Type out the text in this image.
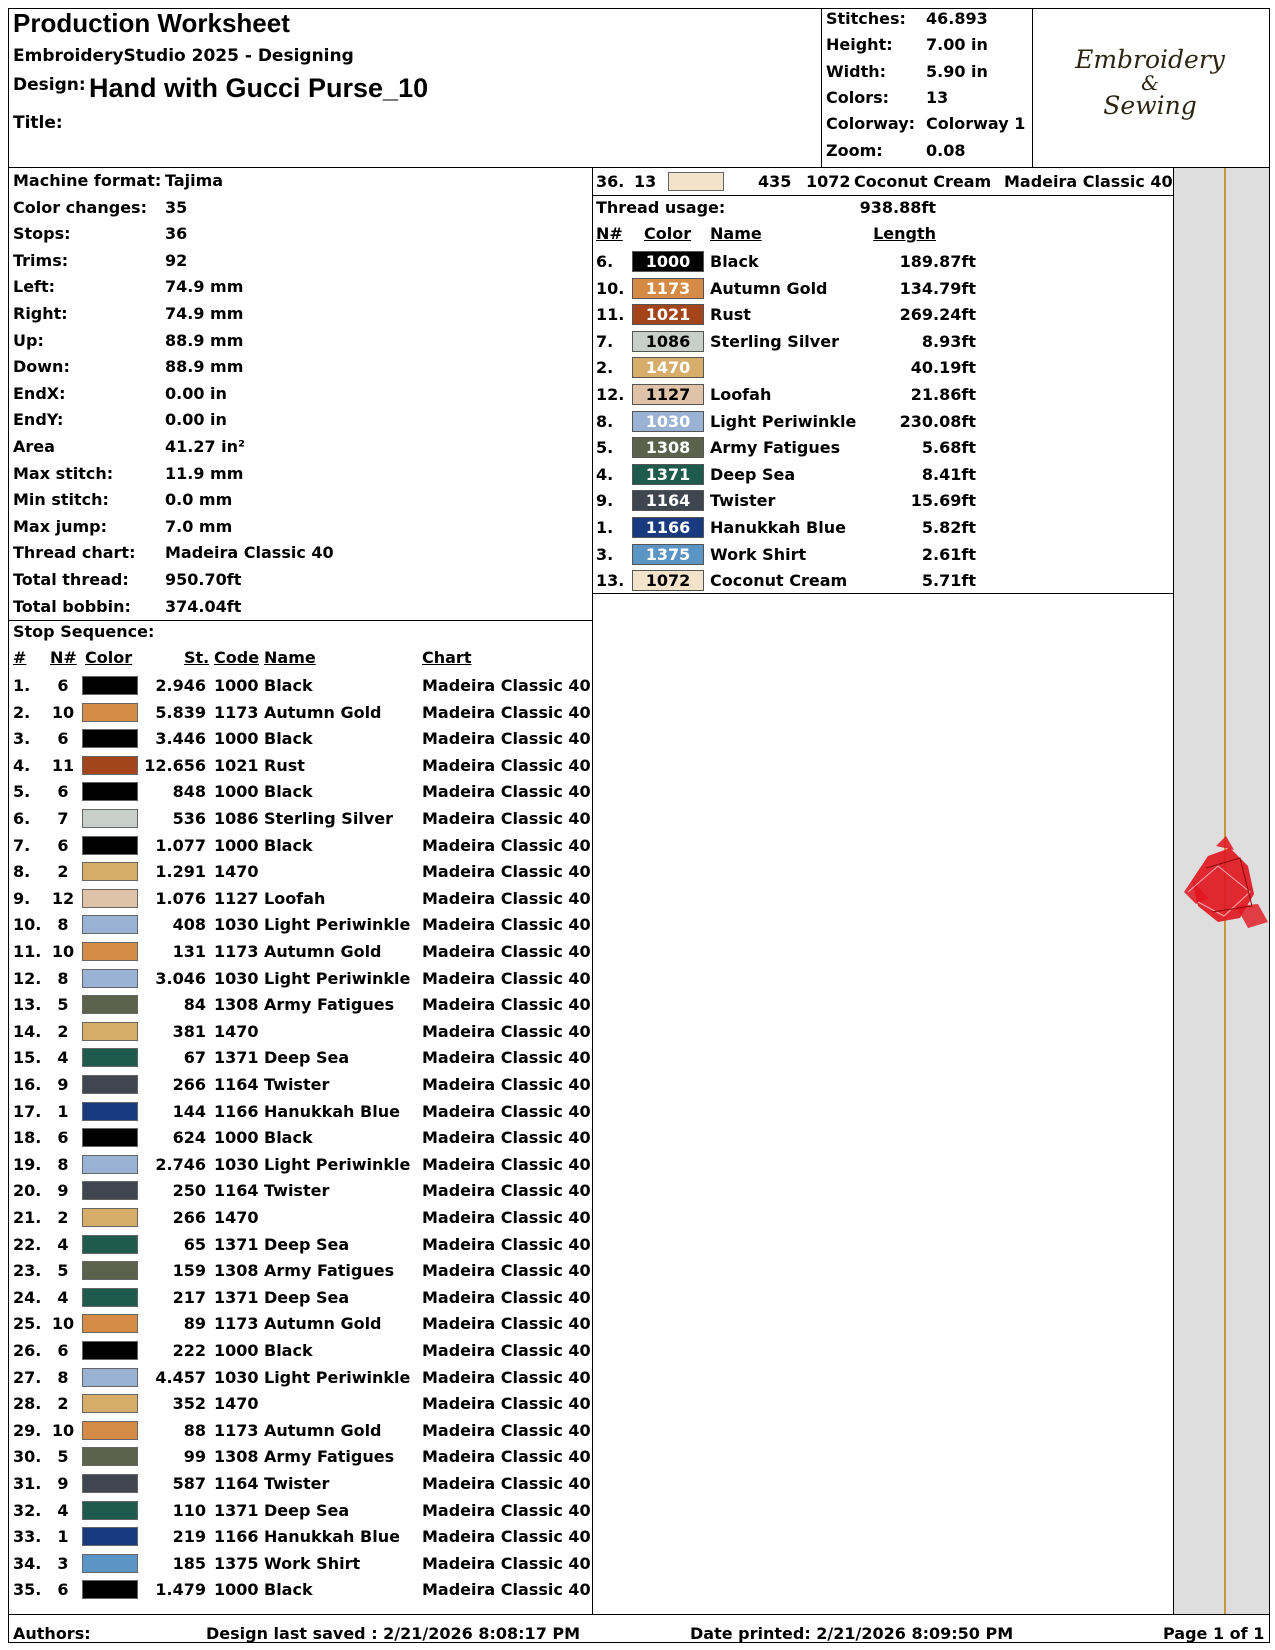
Production Worksheet
EmbroideryStudio 2025 - Designing
Design: Hand with Gucci Purse_10
Title:
Stitches: 46.893
Height: 7.00 in
Width: 5.90 in
Colors: 13
Colorway: Colorway 1
Zoom:	0.08
Embroidery
&
Sewing
Machine format: Tajima
Color changes: 35
Stops:	36
Trims:	92
Left:	74.9 mm
Right:	74.9 mm
Up:	88.9 mm
Down:	88.9 mm
EndX:	0.00 in
EndY:	0.00 in
Area	41.27 in²
Max stitch:	11.9 mm
Min stitch:	0.0 mm
Max jump:	7.0 mm
Thread chart: Madeira Classic 40
Total thread: 950.70ft
Total bobbin: 374.04ft
Stop Sequence:
# N# Color	St. Code Name	Chart
1.	6	2.946 1000 Black	Madeira Classic 40
2. 10	5.839 1173 Autumn Gold	Madeira Classic 40
3.	6	3.446 1000 Black	Madeira Classic 40
4. 11	12.656 1021 Rust	Madeira Classic 40
5.	6	848 1000 Black	Madeira Classic 40
6.	7	536 1086 Sterling Silver Madeira Classic 40
7.	6	1.077 1000 Black	Madeira Classic 40
8.	2	1.291 1470	Madeira Classic 40
9. 12	1.076 1127 Loofah	Madeira Classic 40
10.	8	408 1030 Light Periwinkle Madeira Classic 40
11. 10	131 1173 Autumn Gold	Madeira Classic 40
12.	8	3.046 1030 Light Periwinkle Madeira Classic 40
13.	5	84 1308 Army Fatigues Madeira Classic 40
14.	2	381 1470	Madeira Classic 40
15.	4	67 1371 Deep Sea	Madeira Classic 40
16.	9	266 1164 Twister	Madeira Classic 40
17.	1	144 1166 Hanukkah Blue Madeira Classic 40
18.	6	624 1000 Black	Madeira Classic 40
19.	8	2.746 1030 Light Periwinkle Madeira Classic 40
20.	9	250 1164 Twister	Madeira Classic 40
21.	2	266 1470	Madeira Classic 40
22.	4	65 1371 Deep Sea	Madeira Classic 40
23.	5	159 1308 Army Fatigues Madeira Classic 40
24.	4	217 1371 Deep Sea	Madeira Classic 40
25. 10	89 1173 Autumn Gold	Madeira Classic 40
26.	6	222 1000 Black	Madeira Classic 40
27.	8	4.457 1030 Light Periwinkle Madeira Classic 40
28.	2	352 1470	Madeira Classic 40
29. 10	88 1173 Autumn Gold	Madeira Classic 40
30.	5	99 1308 Army Fatigues Madeira Classic 40
31.	9	587 1164 Twister	Madeira Classic 40
32.	4	110 1371 Deep Sea	Madeira Classic 40
33.	1	219 1166 Hanukkah Blue Madeira Classic 40
34.	3	185 1375 Work Shirt	Madeira Classic 40
35.	6	1.479 1000 Black	Madeira Classic 40
36. 13	435 1072 Coconut Cream Madeira Classic 40
Thread usage:	938.88ft
N# Color Name	Length
6.	1000	Black	189.87ft
10.	1173	Autumn Gold	134.79ft
11.	1021	Rust	269.24ft
7.	1086	Sterling Silver	8.93ft
2.	1470	40.19ft
12.	1127	Loofah	21.86ft
8.	1030	Light Periwinkle	230.08ft
5.	1308	Army Fatigues	5.68ft
4.	1371	Deep Sea	8.41ft
9.	1164	Twister	15.69ft
1.	1166	Hanukkah Blue	5.82ft
3.	1375	Work Shirt	2.61ft
13.	1072	Coconut Cream	5.71ft
Authors:	Design last saved : 2/21/2026 8:08:17 PM	Date printed: 2/21/2026 8:09:50 PM	Page 1 of 1
